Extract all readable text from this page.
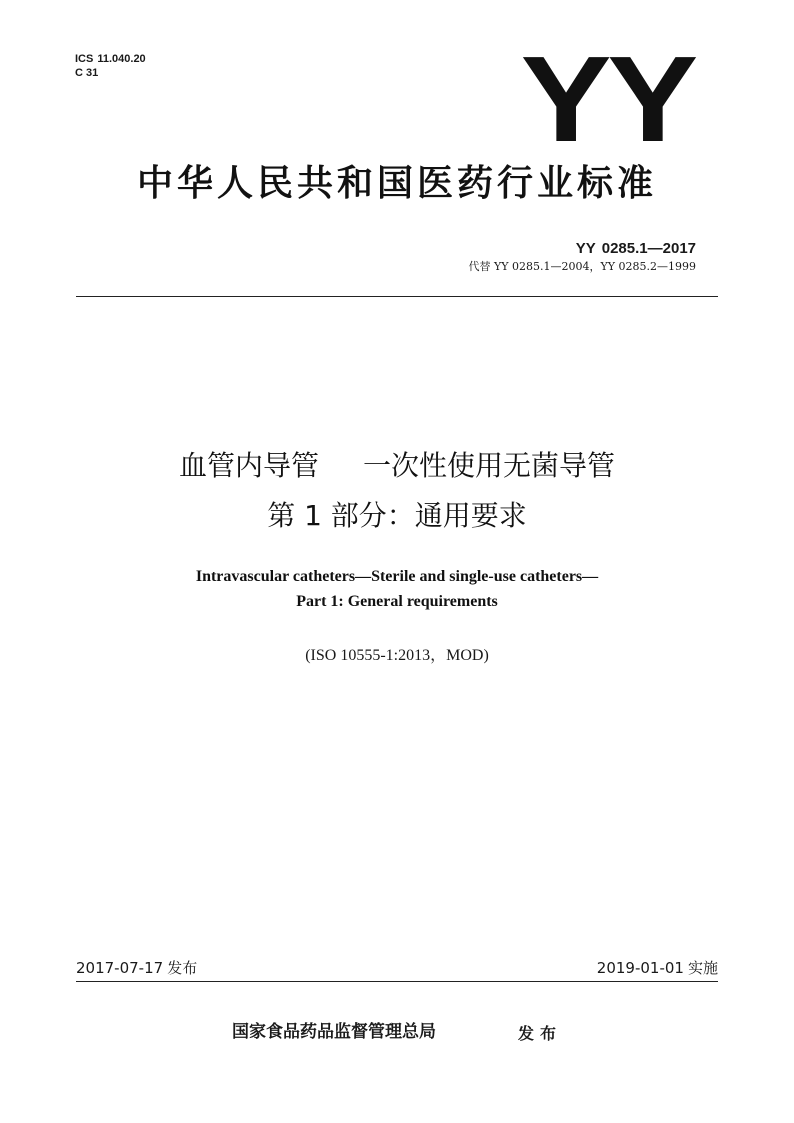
ICS 11.040.20
C 31	YY
中华人民共和国医药行业标准
YY 0285.1—2017
代替 YY 0285.1—2004，YY 0285.2—1999
血管内导管 一次性使用无菌导管
第 1 部分：通用要求
Intravascular catheters—Sterile and single-use catheters—
Part 1: General requirements
(ISO 10555-1:2013，MOD)
2017-07-17 发布	2019-01-01 实施
国家食品药品监督管理总局	发布
